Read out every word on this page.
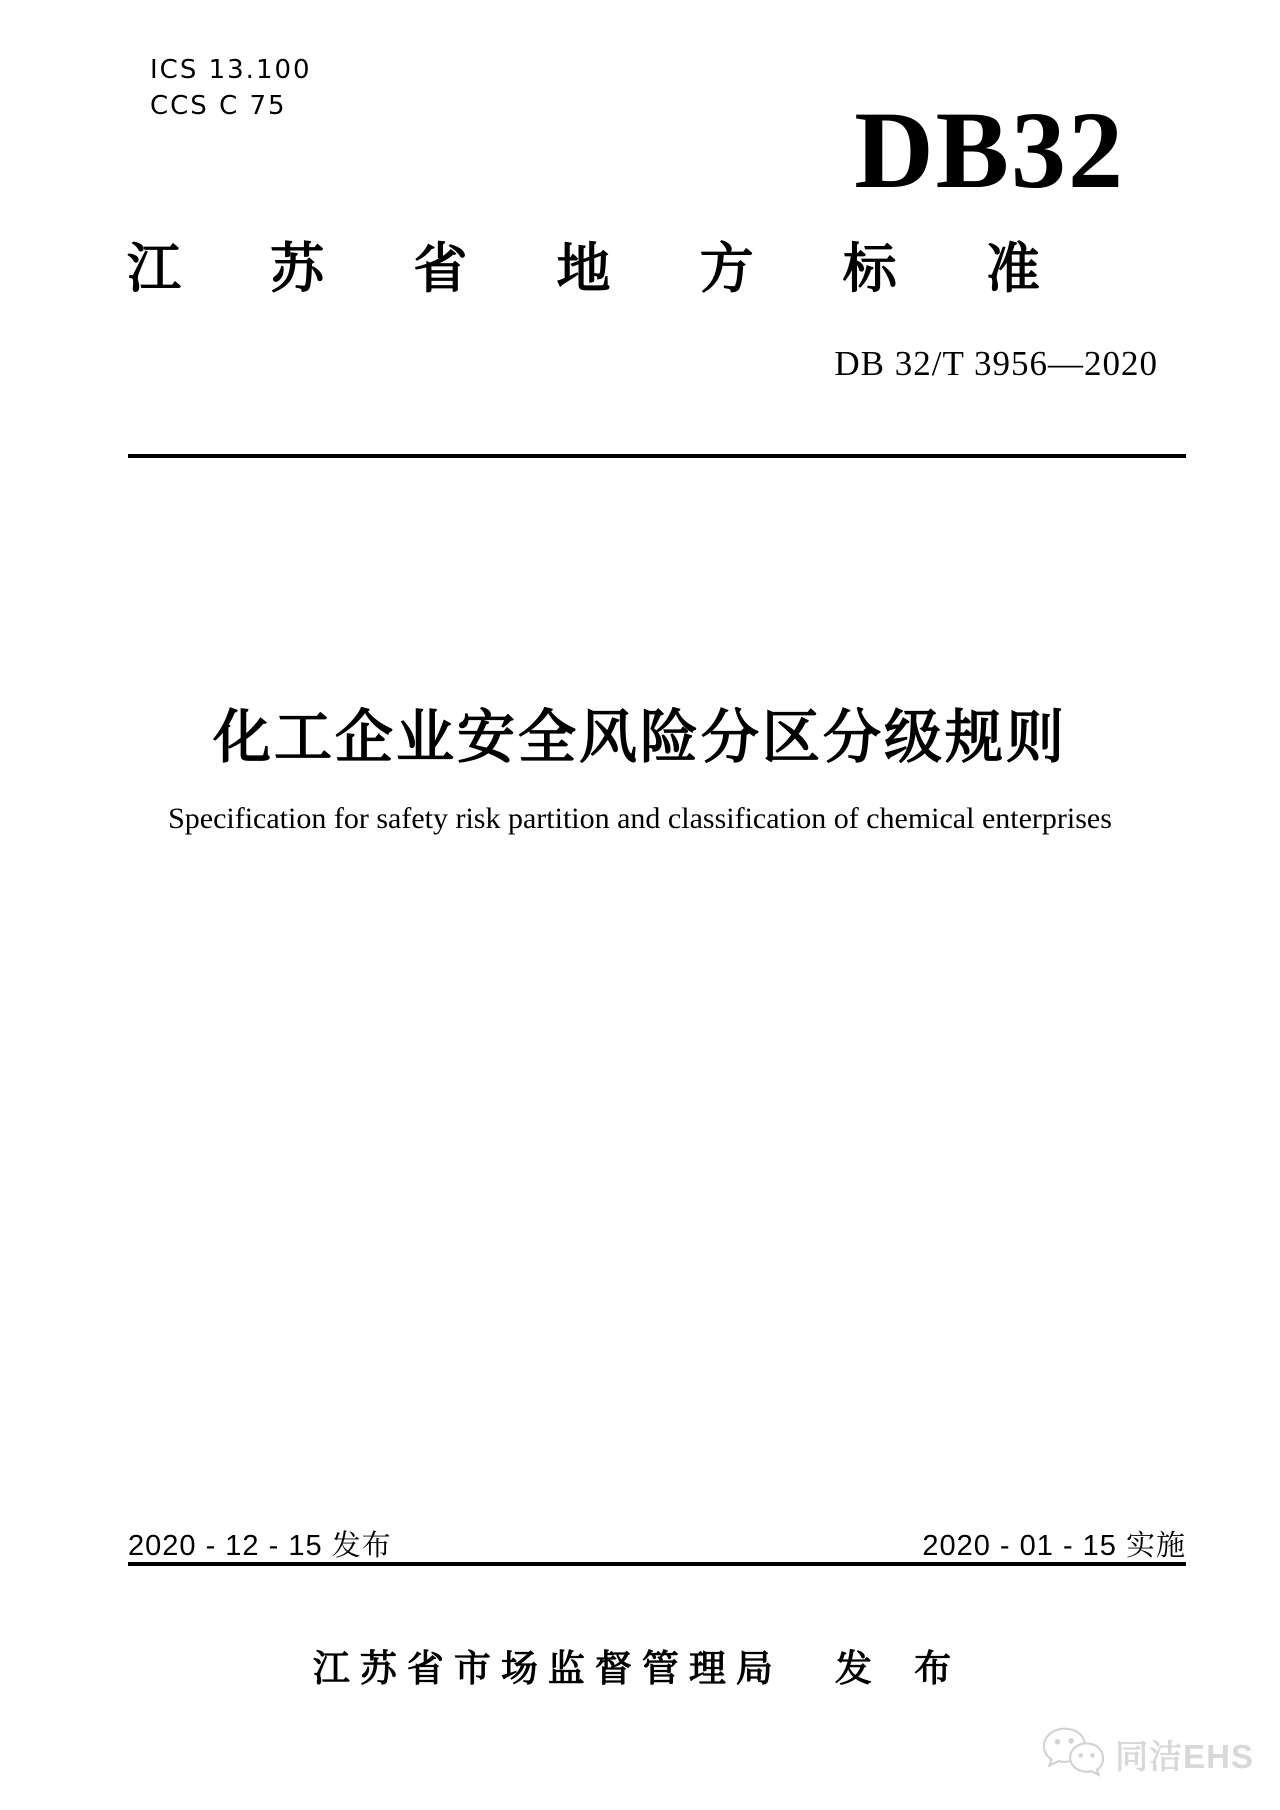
ICS 13.100
CCS C 75	DB32
江 苏 省 地 方 标 准
DB 32/T 3956—2020
化工企业安全风险分区分级规则
Specification for safety risk partition and classification of chemical enterprises
2020 - 12 - 15 发布	2020 - 01 - 15 实施
江苏省市场监督管理局 发 布
同洁EHS
